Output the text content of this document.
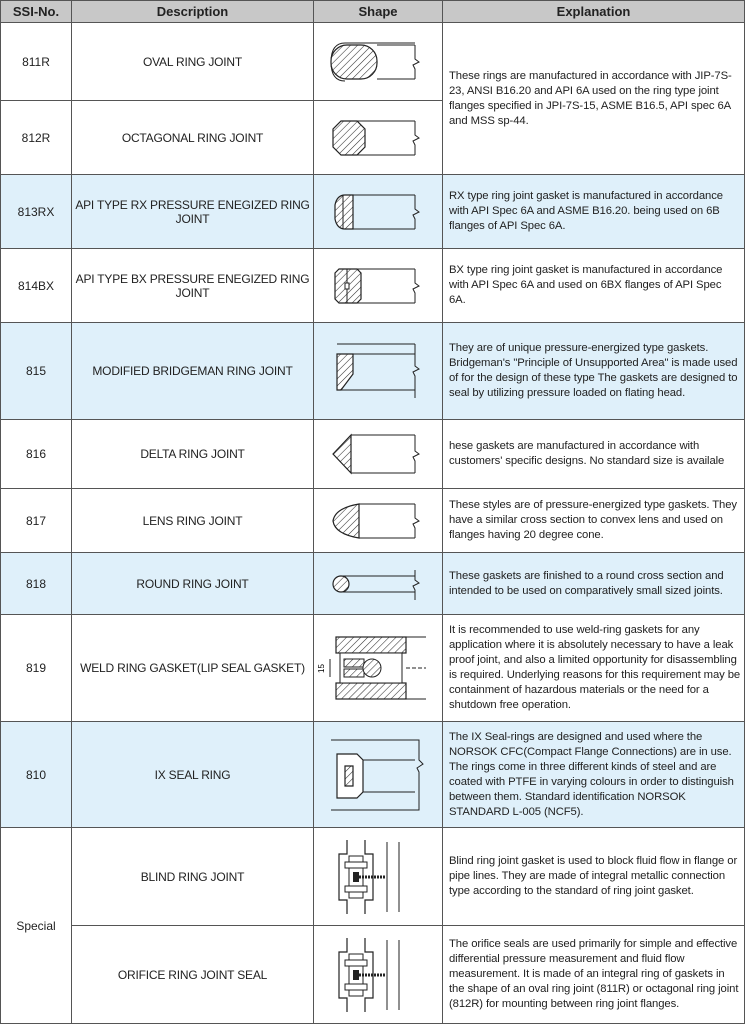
SSI-No.	Description	Shape	Explanation
811R	OVAL RING JOINT		These rings are manufactured in accordance with JIP-7S-23, ANSI B16.20 and API 6A used on the ring type joint flanges specified in JPI-7S-15, ASME B16.5, API spec 6A and MSS sp-44.
812R	OCTAGONAL RING JOINT	

813RX	API TYPE RX PRESSURE ENEGIZED RING JOINT		RX type ring joint gasket is manufactured in accordance with API Spec 6A and ASME B16.20. being used on 6B flanges of API Spec 6A.
814BX	API TYPE BX PRESSURE ENEGIZED RING JOINT		BX type ring joint gasket is manufactured in accordance with API Spec 6A and used on 6BX flanges of API Spec 6A.
815	MODIFIED BRIDGEMAN RING JOINT		They are of unique pressure-energized type gaskets. Bridgeman's "Principle of Unsupported Area" is made used of for the design of these type The gaskets are designed to seal by utilizing pressure loaded on flating head.
816	DELTA RING JOINT		hese gaskets are manufactured in accordance with customers' specific designs. No standard size is availale
817	LENS RING JOINT		These styles are of pressure-energized type gaskets. They have a similar cross section to convex lens and used on flanges having 20 degree cone.
818	ROUND RING JOINT		These gaskets are finished to a round cross section and intended to be used on comparatively small sized joints.
819	WELD RING GASKET(LIP SEAL GASKET)	15	It is recommended to use weld-ring gaskets for any application where it is absolutely necessary to have a leak proof joint, and also a limited opportunity for disassembling is required. Underlying reasons for this requirement may be containment of hazardous materials or the need for a shutdown free operation.
810	IX SEAL RING		The IX Seal-rings are designed and used where the NORSOK CFC(Compact Flange Connections) are in use. The rings come in three different kinds of steel and are coated with PTFE in varying colours in order to distinguish between them. Standard identification NORSOK STANDARD L-005 (NCF5).
Special	BLIND RING JOINT		Blind ring joint gasket is used to block fluid flow in flange or pipe lines. They are made of integral metallic connection type according to the standard of ring joint gasket.
	ORIFICE RING JOINT SEAL		The orifice seals are used primarily for simple and effective differential pressure measurement and fluid flow measurement. It is made of an integral ring of gaskets in the shape of an oval ring joint (811R) or octagonal ring joint (812R) for mounting between ring joint flanges.
